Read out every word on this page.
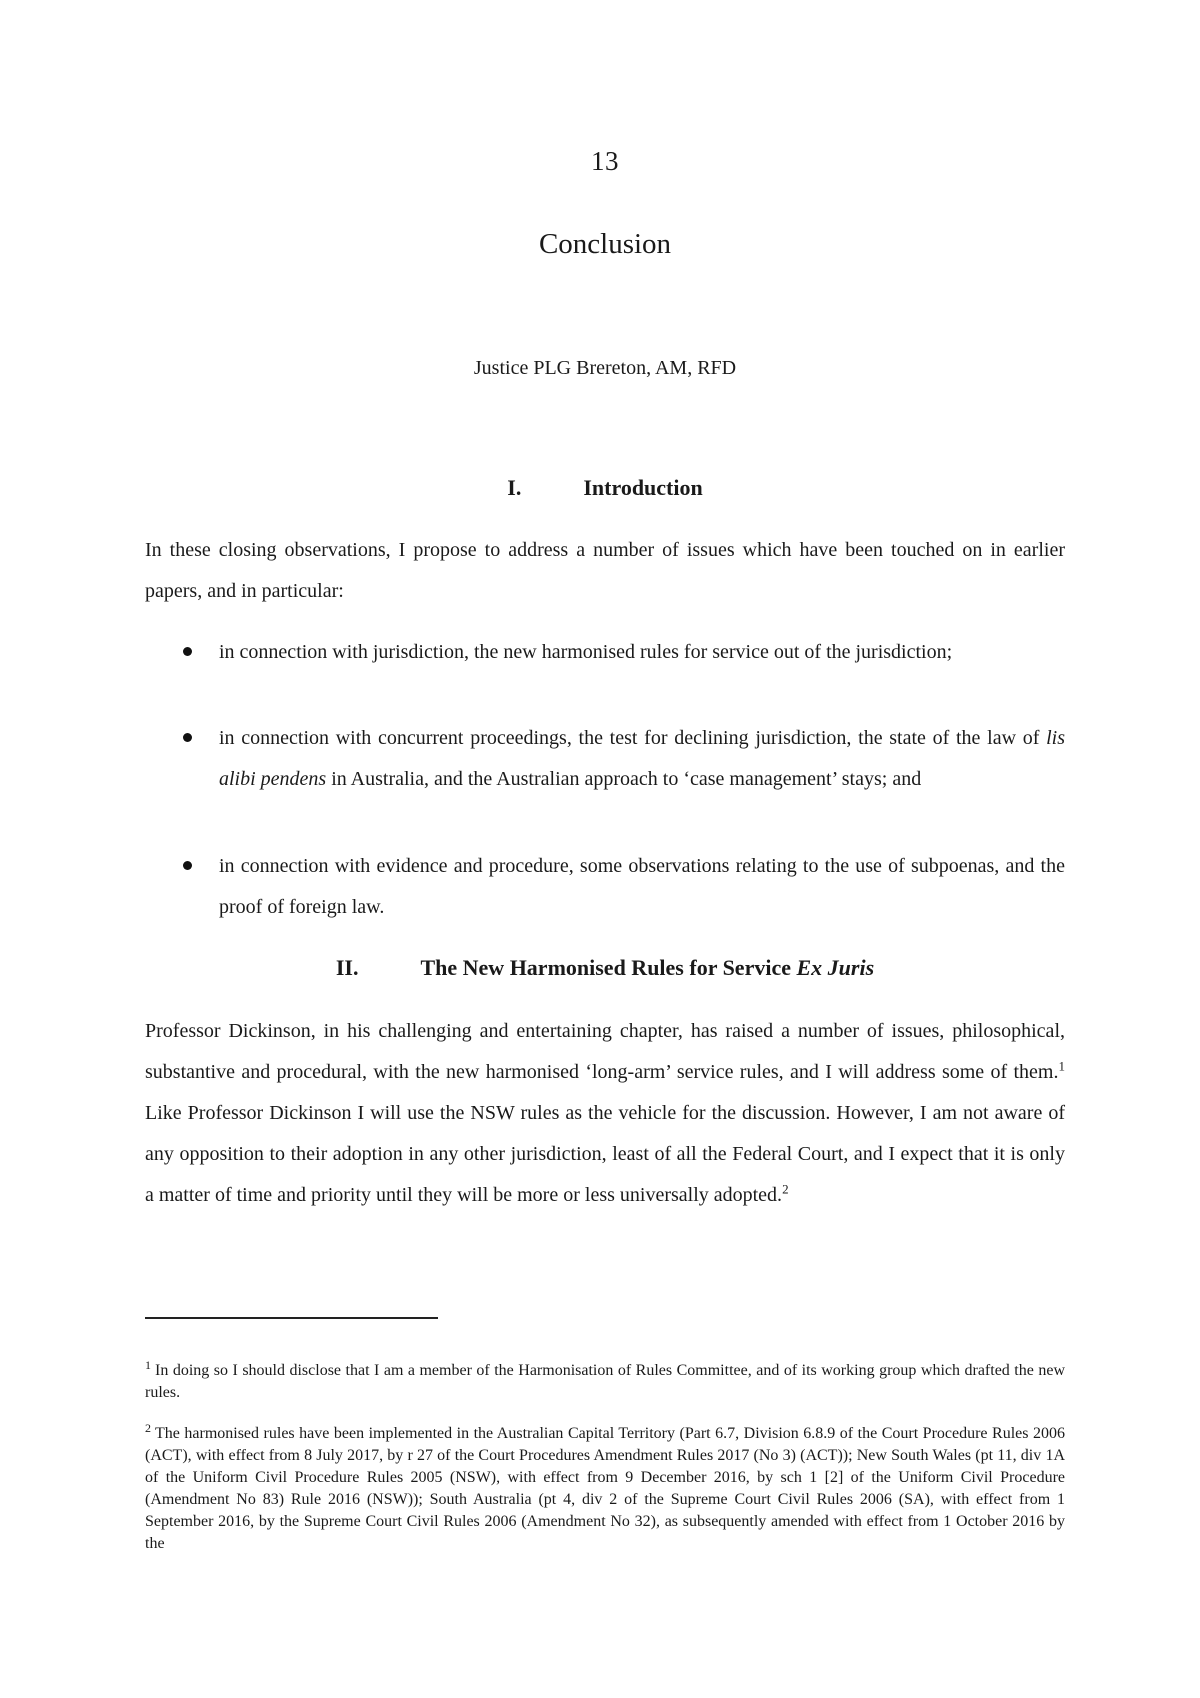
13
Conclusion
Justice PLG Brereton, AM, RFD
I.	Introduction

In these closing observations, I propose to address a number of issues which have been touched on in earlier papers, and in particular:

in connection with jurisdiction, the new harmonised rules for service out of the jurisdiction;
in connection with concurrent proceedings, the test for declining jurisdiction, the state of the law of lis alibi pendens in Australia, and the Australian approach to ‘case management’ stays; and
in connection with evidence and procedure, some observations relating to the use of subpoenas, and the proof of foreign law.
II.	The New Harmonised Rules for Service Ex Juris

Professor Dickinson, in his challenging and entertaining chapter, has raised a number of issues, philosophical, substantive and procedural, with the new harmonised ‘long-arm’ service rules, and I will address some of them.$^1$ Like Professor Dickinson I will use the NSW rules as the vehicle for the discussion. However, I am not aware of any opposition to their adoption in any other jurisdiction, least of all the Federal Court, and I expect that it is only a matter of time and priority until they will be more or less universally adopted.$^2$

$^1$ In doing so I should disclose that I am a member of the Harmonisation of Rules Committee, and of its working group which drafted the new rules.

$^2$ The harmonised rules have been implemented in the Australian Capital Territory (Part 6.7, Division 6.8.9 of the Court Procedure Rules 2006 (ACT), with effect from 8 July 2017, by r 27 of the Court Procedures Amendment Rules 2017 (No 3) (ACT)); New South Wales (pt 11, div 1A of the Uniform Civil Procedure Rules 2005 (NSW), with effect from 9 December 2016, by sch 1 [2] of the Uniform Civil Procedure (Amendment No 83) Rule 2016 (NSW)); South Australia (pt 4, div 2 of the Supreme Court Civil Rules 2006 (SA), with effect from 1 September 2016, by the Supreme Court Civil Rules 2006 (Amendment No 32), as subsequently amended with effect from 1 October 2016 by the
